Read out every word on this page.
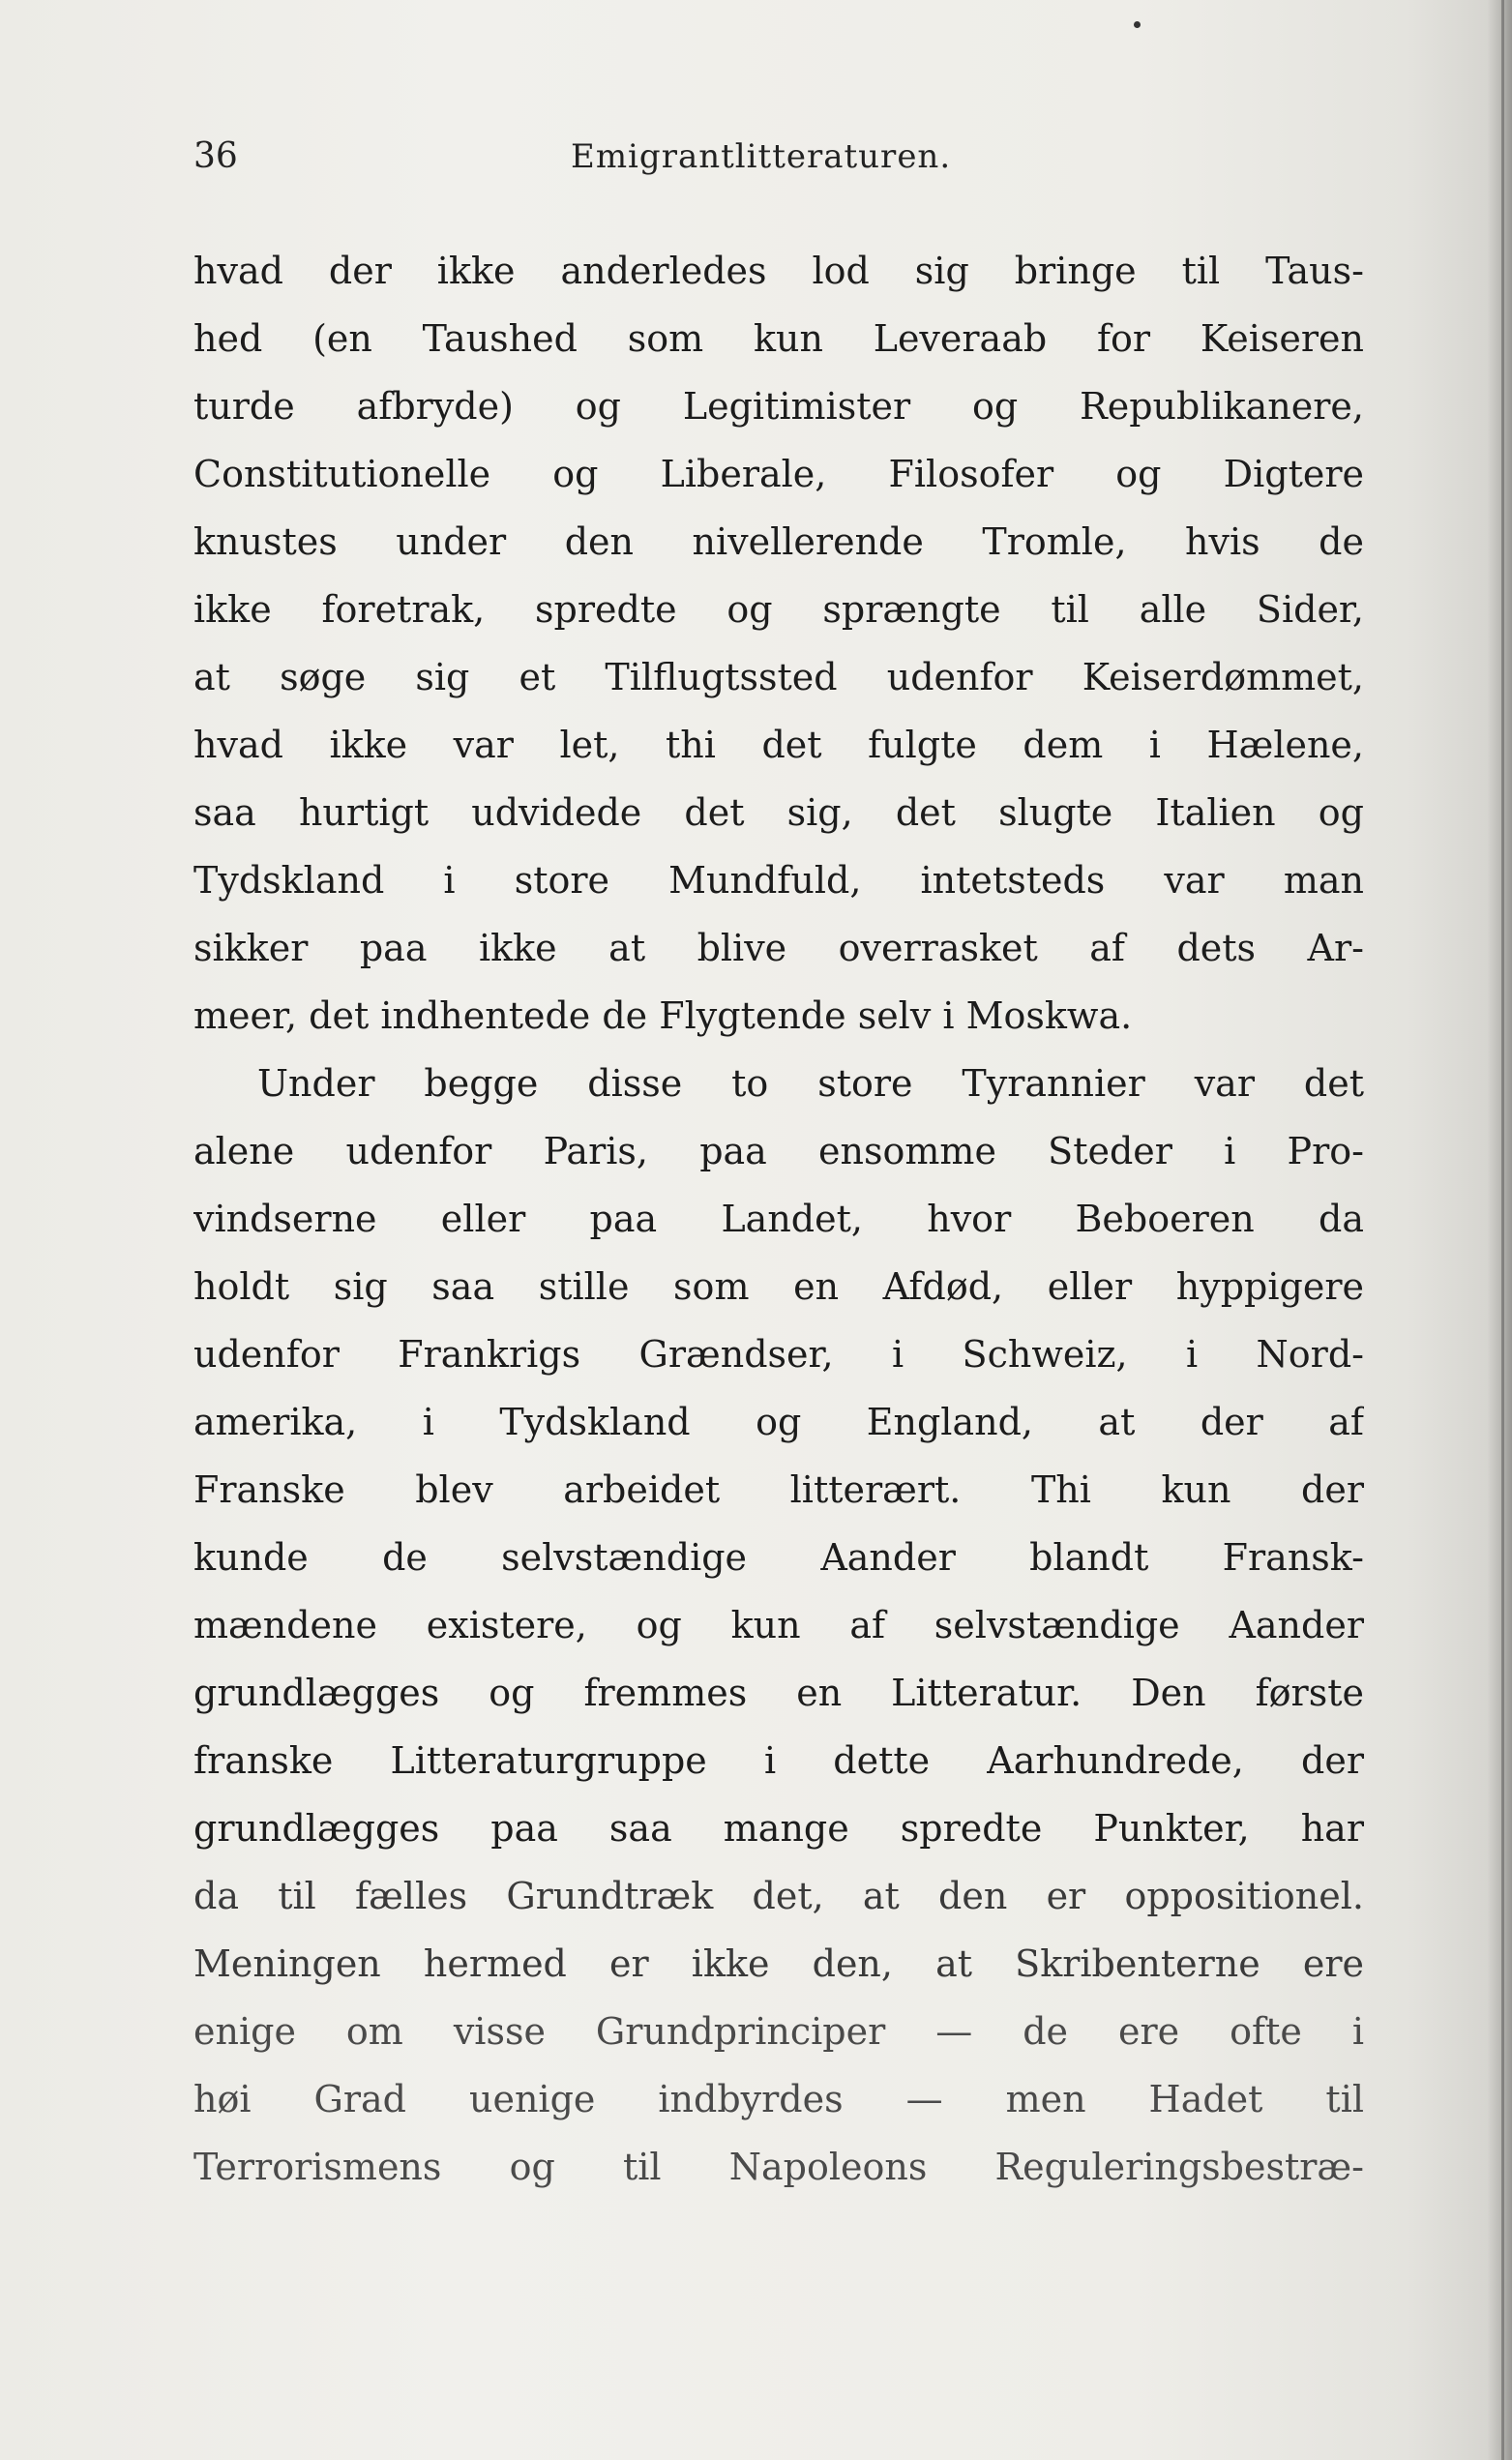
36	Emigrantlitteraturen.
hvad der ikke anderledes lod sig bringe til Taus-
hed (en Taushed som kun Leveraab for Keiseren
turde afbryde) og Legitimister og Republikanere,
Constitutionelle og Liberale, Filosofer og Digtere
knustes under den nivellerende Tromle, hvis de
ikke foretrak, spredte og sprængte til alle Sider,
at søge sig et Tilflugtssted udenfor Keiserdømmet,
hvad ikke var let, thi det fulgte dem i Hælene,
saa hurtigt udvidede det sig, det slugte Italien og
Tydskland i store Mundfuld, intetsteds var man
sikker paa ikke at blive overrasket af dets Ar-
meer, det indhentede de Flygtende selv i Moskwa.
Under begge disse to store Tyrannier var det
alene udenfor Paris, paa ensomme Steder i Pro-
vindserne eller paa Landet, hvor Beboeren da
holdt sig saa stille som en Afdød, eller hyppigere
udenfor Frankrigs Grændser, i Schweiz, i Nord-
amerika, i Tydskland og England, at der af
Franske blev arbeidet litterært. Thi kun der
kunde de selvstændige Aander blandt Fransk-
mændene existere, og kun af selvstændige Aander
grundlægges og fremmes en Litteratur. Den første
franske Litteraturgruppe i dette Aarhundrede, der
grundlægges paa saa mange spredte Punkter, har
da til fælles Grundtræk det, at den er oppositionel.
Meningen hermed er ikke den, at Skribenterne ere
enige om visse Grundprinciper — de ere ofte i
høi Grad uenige indbyrdes — men Hadet til
Terrorismens og til Napoleons Reguleringsbestræ-
